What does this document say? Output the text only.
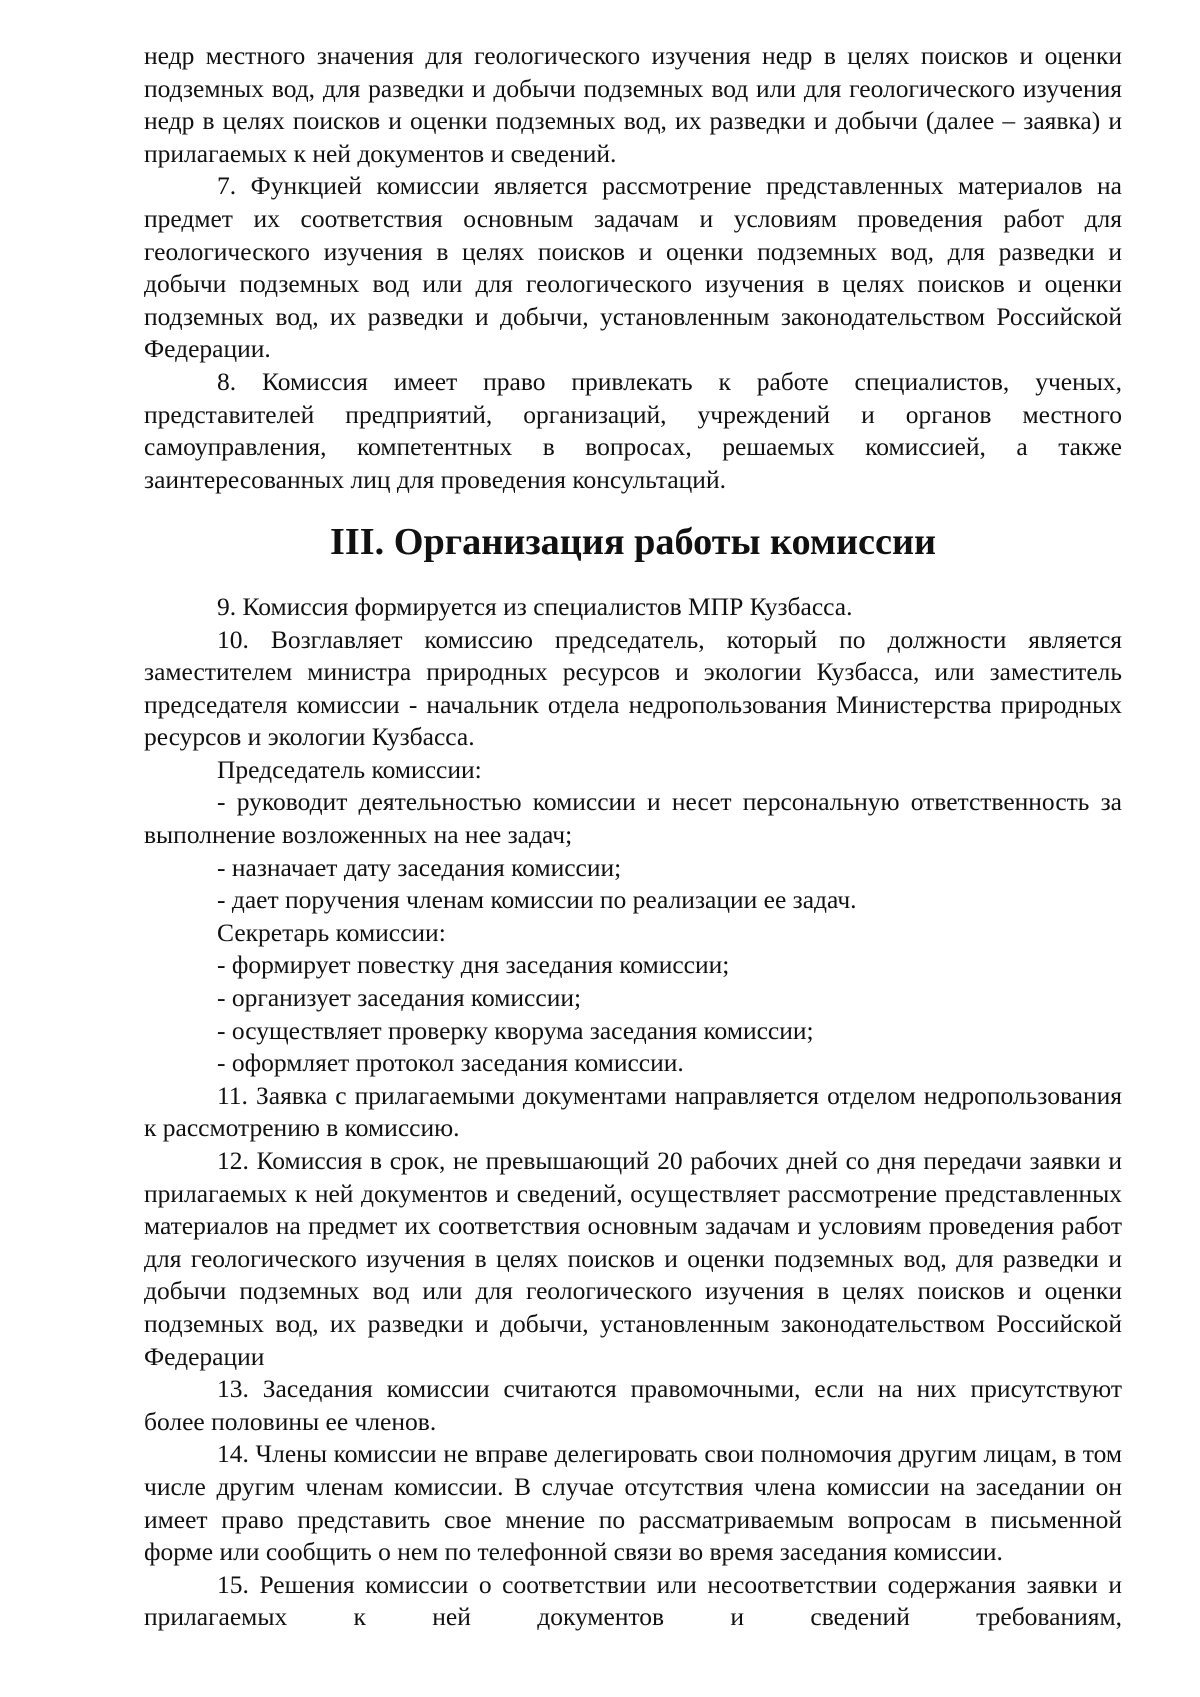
недр местного значения для геологического изучения недр в целях поисков и оценки подземных вод, для разведки и добычи подземных вод или для геологического изучения недр в целях поисков и оценки подземных вод, их разведки и добычи (далее – заявка) и прилагаемых к ней документов и сведений.

7. Функцией комиссии является рассмотрение представленных материалов на предмет их соответствия основным задачам и условиям проведения работ для геологического изучения в целях поисков и оценки подземных вод, для разведки и добычи подземных вод или для геологического изучения в целях поисков и оценки подземных вод, их разведки и добычи, установленным законодательством Российской Федерации.

8. Комиссия имеет право привлекать к работе специалистов, ученых, представителей предприятий, организаций, учреждений и органов местного самоуправления, компетентных в вопросах, решаемых комиссией, а также заинтересованных лиц для проведения консультаций.

III. Организация работы комиссии

9. Комиссия формируется из специалистов МПР Кузбасса.

10. Возглавляет комиссию председатель, который по должности является заместителем министра природных ресурсов и экологии Кузбасса, или заместитель председателя комиссии - начальник отдела недропользования Министерства природных ресурсов и экологии Кузбасса.

Председатель комиссии:

- руководит деятельностью комиссии и несет персональную ответственность за выполнение возложенных на нее задач;

- назначает дату заседания комиссии;

- дает поручения членам комиссии по реализации ее задач.

Секретарь комиссии:

- формирует повестку дня заседания комиссии;

- организует заседания комиссии;

- осуществляет проверку кворума заседания комиссии;

- оформляет протокол заседания комиссии.

11. Заявка с прилагаемыми документами направляется отделом недропользования к рассмотрению в комиссию.

12. Комиссия в срок, не превышающий 20 рабочих дней со дня передачи заявки и прилагаемых к ней документов и сведений, осуществляет рассмотрение представленных материалов на предмет их соответствия основным задачам и условиям проведения работ для геологического изучения в целях поисков и оценки подземных вод, для разведки и добычи подземных вод или для геологического изучения в целях поисков и оценки подземных вод, их разведки и добычи, установленным законодательством Российской Федерации

13. Заседания комиссии считаются правомочными, если на них присутствуют более половины ее членов.

14. Члены комиссии не вправе делегировать свои полномочия другим лицам, в том числе другим членам комиссии. В случае отсутствия члена комиссии на заседании он имеет право представить свое мнение по рассматриваемым вопросам в письменной форме или сообщить о нем по телефонной связи во время заседания комиссии.

15. Решения комиссии о соответствии или несоответствии содержания заявки и прилагаемых к ней документов и сведений требованиям,
